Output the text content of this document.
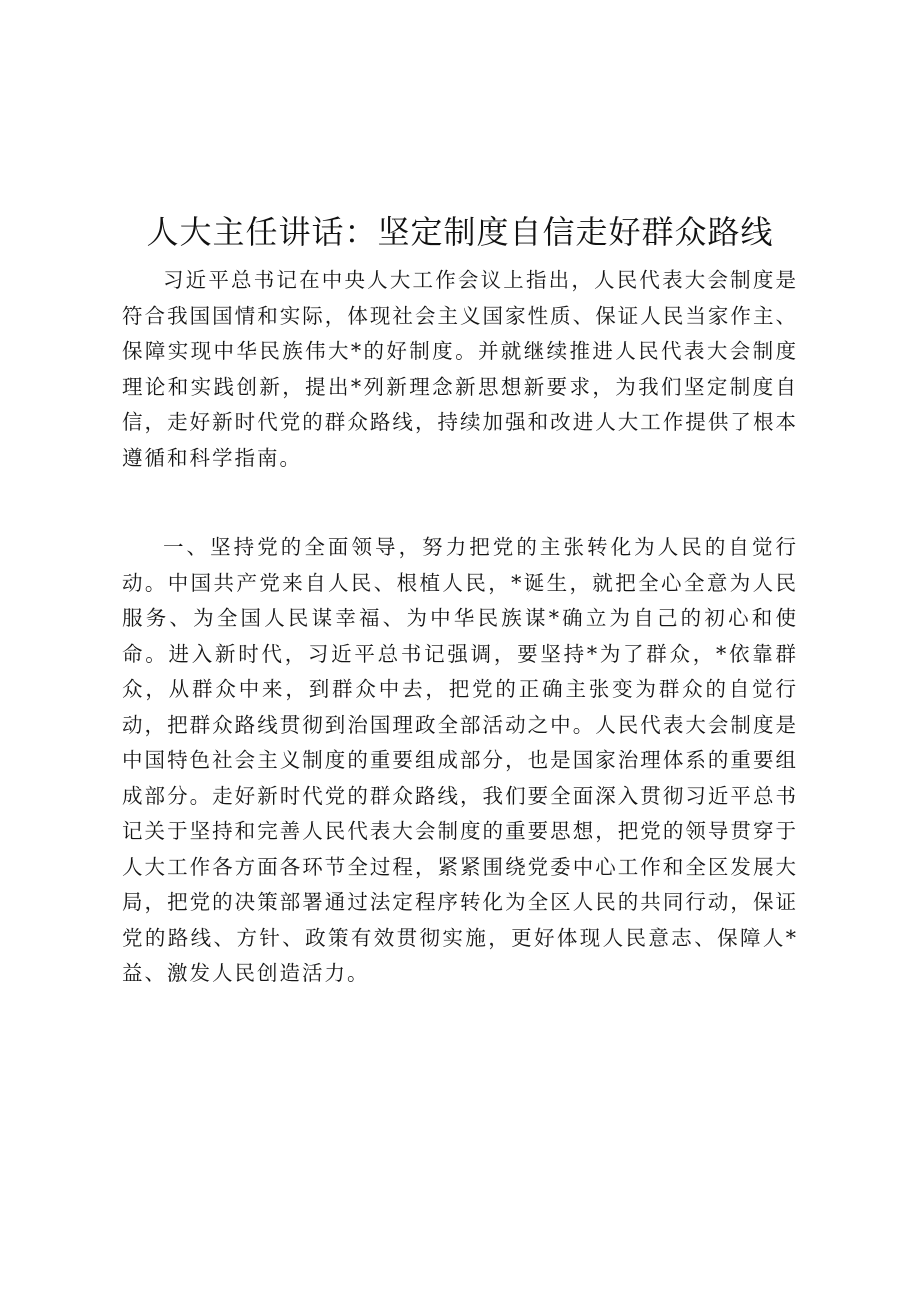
人大主任讲话：坚定制度自信走好群众路线

习近平总书记在中央人大工作会议上指出，人民代表大会制度是符合我国国情和实际，体现社会主义国家性质、保证人民当家作主、保障实现中华民族伟大*的好制度。并就继续推进人民代表大会制度理论和实践创新，提出*列新理念新思想新要求，为我们坚定制度自信，走好新时代党的群众路线，持续加强和改进人大工作提供了根本遵循和科学指南。

一、坚持党的全面领导，努力把党的主张转化为人民的自觉行动。中国共产党来自人民、根植人民，*诞生，就把全心全意为人民服务、为全国人民谋幸福、为中华民族谋*确立为自己的初心和使命。进入新时代，习近平总书记强调，要坚持*为了群众，*依靠群众，从群众中来，到群众中去，把党的正确主张变为群众的自觉行动，把群众路线贯彻到治国理政全部活动之中。人民代表大会制度是中国特色社会主义制度的重要组成部分，也是国家治理体系的重要组成部分。走好新时代党的群众路线，我们要全面深入贯彻习近平总书记关于坚持和完善人民代表大会制度的重要思想，把党的领导贯穿于人大工作各方面各环节全过程，紧紧围绕党委中心工作和全区发展大局，把党的决策部署通过法定程序转化为全区人民的共同行动，保证党的路线、方针、政策有效贯彻实施，更好体现人民意志、保障人*益、激发人民创造活力。
